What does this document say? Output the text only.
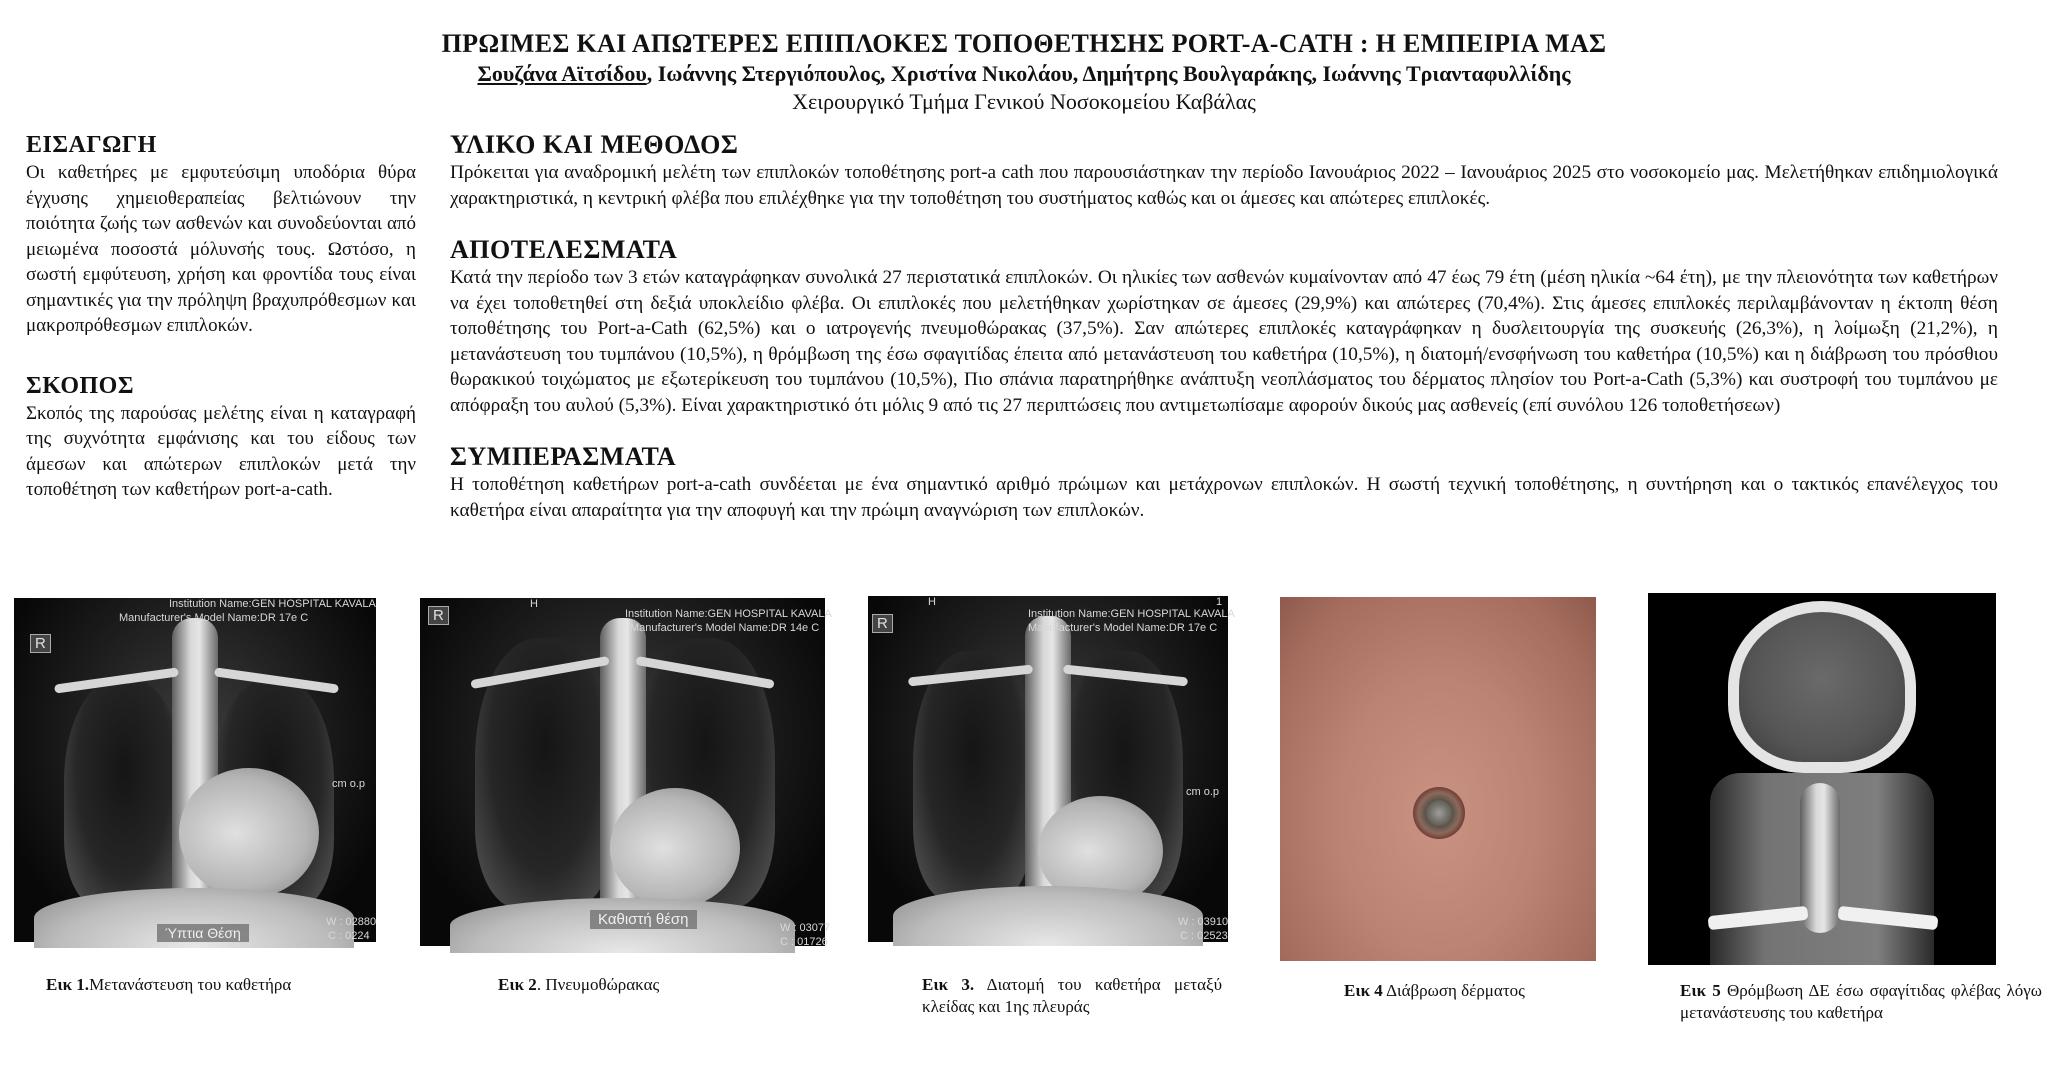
ΠΡΩΙΜΕΣ ΚΑΙ ΑΠΩΤΕΡΕΣ ΕΠΙΠΛΟΚΕΣ ΤΟΠΟΘΕΤΗΣΗΣ PORT-A-CATH : Η ΕΜΠΕΙΡΙΑ ΜΑΣ
Σουζάνα Αϊτσίδου, Ιωάννης Στεργιόπουλος, Χριστίνα Νικολάου, Δημήτρης Βουλγαράκης, Ιωάννης Τριανταφυλλίδης
Χειρουργικό Τμήμα Γενικού Νοσοκομείου Καβάλας
ΕΙΣΑΓΩΓΗ

Οι καθετήρες με εμφυτεύσιμη υποδόρια θύρα έγχυσης χημειοθεραπείας βελτιώνουν την ποιότητα ζωής των ασθενών και συνοδεύονται από μειωμένα ποσοστά μόλυνσής τους. Ωστόσο, η σωστή εμφύτευση, χρήση και φροντίδα τους είναι σημαντικές για την πρόληψη βραχυπρόθεσμων και μακροπρόθεσμων επιπλοκών.

ΣΚΟΠΟΣ

Σκοπός της παρούσας μελέτης είναι η καταγραφή της συχνότητα εμφάνισης και του είδους των άμεσων και απώτερων επιπλοκών μετά την τοποθέτηση των καθετήρων port-a-cath.

ΥΛΙΚΟ ΚΑΙ ΜΕΘΟΔΟΣ

Πρόκειται για αναδρομική μελέτη των επιπλοκών τοποθέτησης port-a cath που παρουσιάστηκαν την περίοδο Ιανουάριος 2022 – Ιανουάριος 2025 στο νοσοκομείο μας. Μελετήθηκαν επιδημιολογικά χαρακτηριστικά, η κεντρική φλέβα που επιλέχθηκε για την τοποθέτηση του συστήματος καθώς και οι άμεσες και απώτερες επιπλοκές.

ΑΠΟΤΕΛΕΣΜΑΤΑ

Κατά την περίοδο των 3 ετών καταγράφηκαν συνολικά 27 περιστατικά επιπλοκών. Οι ηλικίες των ασθενών κυμαίνονταν από 47 έως 79 έτη (μέση ηλικία ~64 έτη), με την πλειονότητα των καθετήρων να έχει τοποθετηθεί στη δεξιά υποκλείδιο φλέβα. Οι επιπλοκές που μελετήθηκαν χωρίστηκαν σε άμεσες (29,9%) και απώτερες (70,4%). Στις άμεσες επιπλοκές περιλαμβάνονταν η έκτοπη θέση τοποθέτησης του Port-a-Cath (62,5%) και ο ιατρογενής πνευμοθώρακας (37,5%). Σαν απώτερες επιπλοκές καταγράφηκαν η δυσλειτουργία της συσκευής (26,3%), η λοίμωξη (21,2%), η μετανάστευση του τυμπάνου (10,5%), η θρόμβωση της έσω σφαγιτίδας έπειτα από μετανάστευση του καθετήρα (10,5%), η διατομή/ενσφήνωση του καθετήρα (10,5%) και η διάβρωση του πρόσθιου θωρακικού τοιχώματος με εξωτερίκευση του τυμπάνου (10,5%), Πιο σπάνια παρατηρήθηκε ανάπτυξη νεοπλάσματος του δέρματος πλησίον του Port-a-Cath (5,3%) και συστροφή του τυμπάνου με απόφραξη του αυλού (5,3%). Είναι χαρακτηριστικό ότι μόλις 9 από τις 27 περιπτώσεις που αντιμετωπίσαμε αφορούν δικούς μας ασθενείς (επί συνόλου 126 τοποθετήσεων)

ΣΥΜΠΕΡΑΣΜΑΤΑ

Η τοποθέτηση καθετήρων port-a-cath συνδέεται με ένα σημαντικό αριθμό πρώιμων και μετάχρονων επιπλοκών. Η σωστή τεχνική τοποθέτησης, η συντήρηση και ο τακτικός επανέλεγχος του καθετήρα είναι απαραίτητα για την αποφυγή και την πρώιμη αναγνώριση των επιπλοκών.

Institution Name:GEN HOSPITAL KAVALA
Manufacturer's Model Name:DR 17e C
R
cm o.p
W : 02880
C : 0224
Ύπτια Θέση
Εικ 1.Μετανάστευση του καθετήρα
R
H
Institution Name:GEN HOSPITAL KAVALA
Manufacturer's Model Name:DR 14e C
W : 03077
C : 01726
Καθιστή θέση
Εικ 2. Πνευμοθώρακας
H	1
R
Institution Name:GEN HOSPITAL KAVALA
Manufacturer's Model Name:DR 17e C
cm o.p
W : 03910
C : 02523
Εικ 3. Διατομή του καθετήρα μεταξύ κλείδας και 1ης πλευράς
Εικ 4 Διάβρωση δέρματος	Εικ 5 Θρόμβωση ΔΕ έσω σφαγίτιδας φλέβας λόγω μετανάστευσης του καθετήρα
